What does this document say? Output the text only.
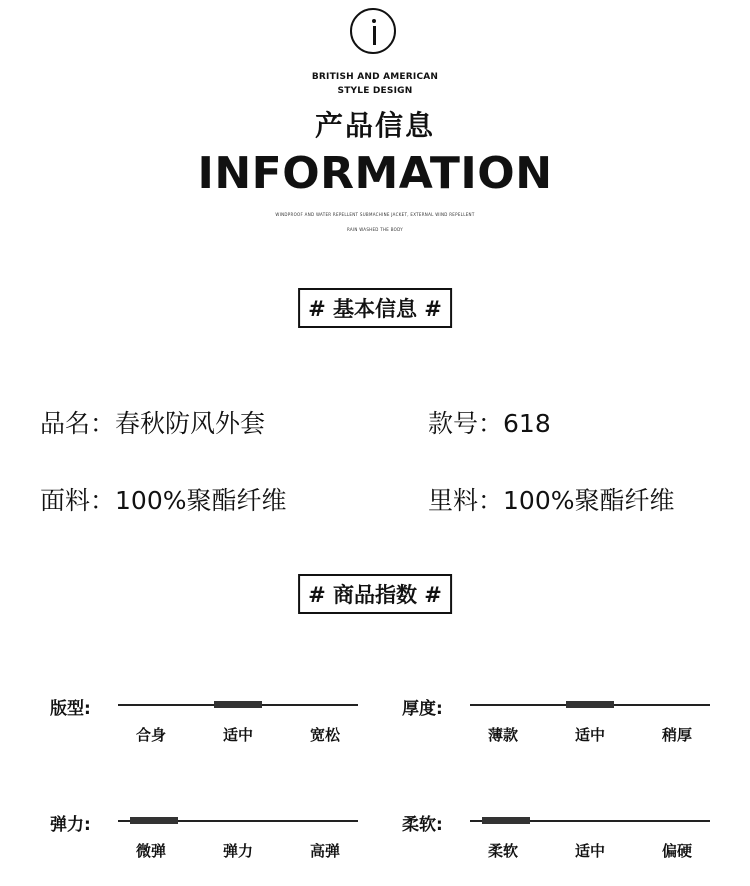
BRITISH AND AMERICAN
STYLE DESIGN
产品信息
INFORMATION
WINDPROOF AND WATER REPELLENT SUBMACHINE JACKET, EXTERNAL WIND REPELLENT
RAIN WASHED THE BODY
# 基本信息 #
品名：春秋防风外套	款号：618
面料：100%聚酯纤维	里料：100%聚酯纤维
# 商品指数 #
版型:
合身	适中	宽松
厚度:
薄款	适中	稍厚
弹力:
微弹	弹力	高弹
柔软:
柔软	适中	偏硬
